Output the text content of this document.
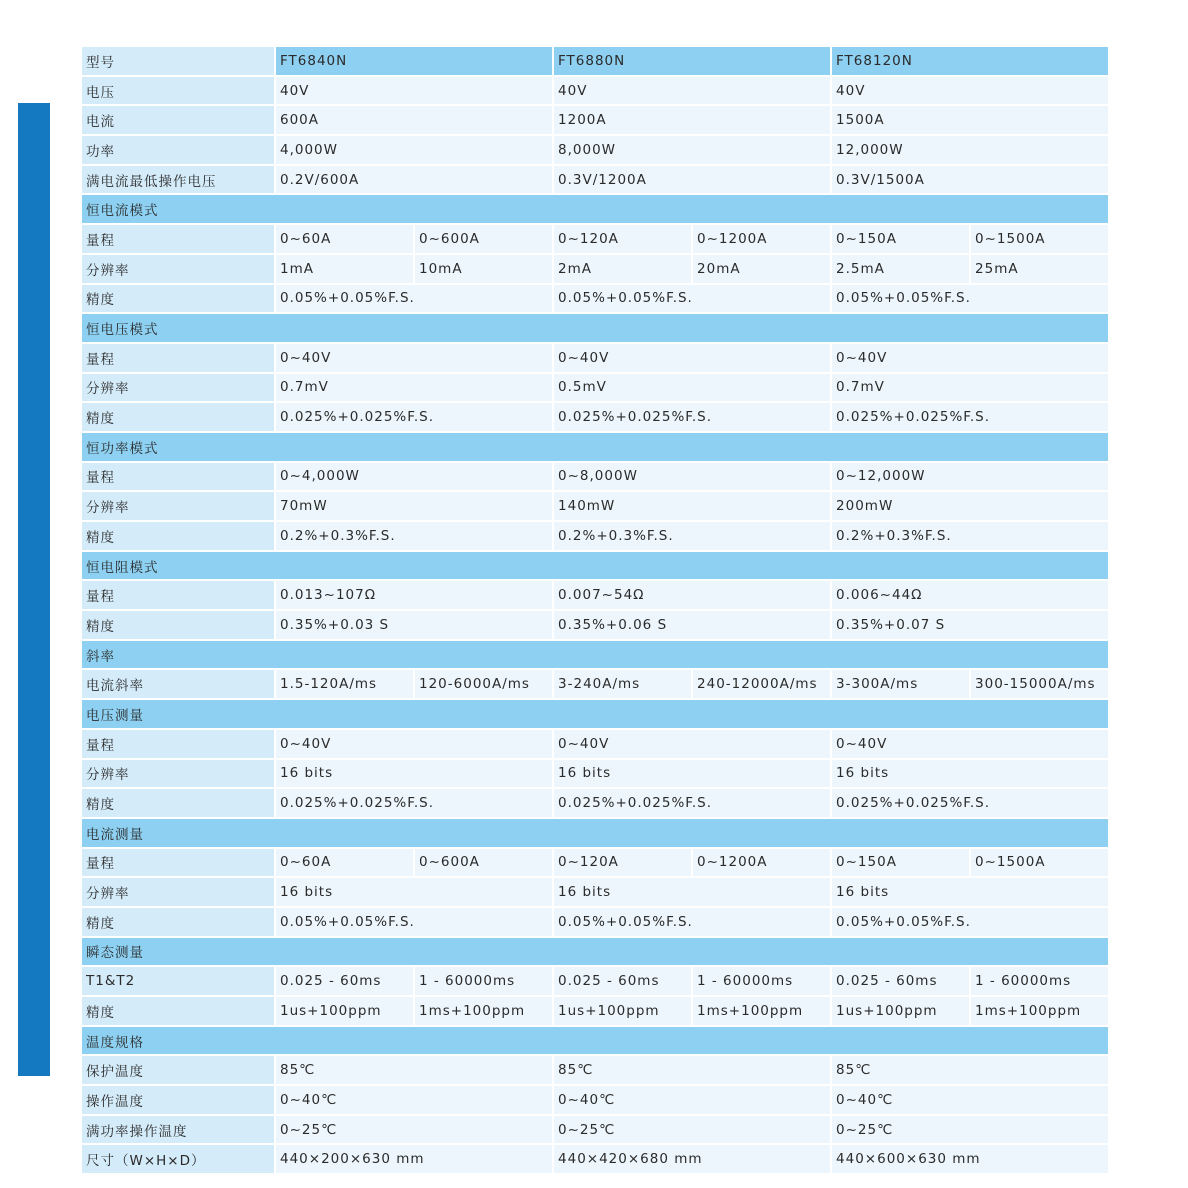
型号	FT6840N		FT6880N		FT68120N	
电压	40V		40V		40V	
电流	600A		1200A		1500A	
功率	4,000W		8,000W		12,000W	
满电流最低操作电压	0.2V/600A		0.3V/1200A		0.3V/1500A	
恒电流模式						
量程	0~60A	0~600A	0~120A	0~1200A	0~150A	0~1500A
分辨率	1mA	10mA	2mA	20mA	2.5mA	25mA
精度	0.05%+0.05%F.S.		0.05%+0.05%F.S.		0.05%+0.05%F.S.	
恒电压模式						
量程	0~40V		0~40V		0~40V	
分辨率	0.7mV		0.5mV		0.7mV	
精度	0.025%+0.025%F.S.		0.025%+0.025%F.S.		0.025%+0.025%F.S.	
恒功率模式						
量程	0~4,000W		0~8,000W		0~12,000W	
分辨率	70mW		140mW		200mW	
精度	0.2%+0.3%F.S.		0.2%+0.3%F.S.		0.2%+0.3%F.S.	
恒电阻模式						
量程	0.013~107Ω		0.007~54Ω		0.006~44Ω	
精度	0.35%+0.03 S		0.35%+0.06 S		0.35%+0.07 S	
斜率						
电流斜率	1.5-120A/ms	120-6000A/ms	3-240A/ms	240-12000A/ms	3-300A/ms	300-15000A/ms
电压测量						
量程	0~40V		0~40V		0~40V	
分辨率	16 bits		16 bits		16 bits	
精度	0.025%+0.025%F.S.		0.025%+0.025%F.S.		0.025%+0.025%F.S.	
电流测量						
量程	0~60A	0~600A	0~120A	0~1200A	0~150A	0~1500A
分辨率	16 bits		16 bits		16 bits	
精度	0.05%+0.05%F.S.		0.05%+0.05%F.S.		0.05%+0.05%F.S.	
瞬态测量						
T1&T2	0.025 - 60ms	1 - 60000ms	0.025 - 60ms	1 - 60000ms	0.025 - 60ms	1 - 60000ms
精度	1us+100ppm	1ms+100ppm	1us+100ppm	1ms+100ppm	1us+100ppm	1ms+100ppm
温度规格						
保护温度	85℃		85℃		85℃	
操作温度	0~40℃		0~40℃		0~40℃	
满功率操作温度	0~25℃		0~25℃		0~25℃	
尺寸（W×H×D）	440×200×630 mm		440×420×680 mm		440×600×630 mm	
